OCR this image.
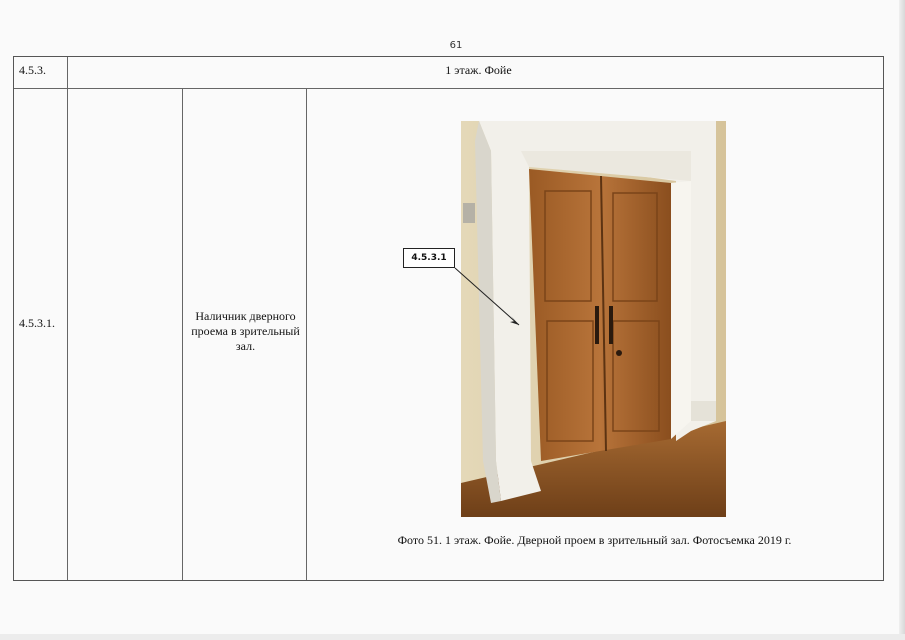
61
4.5.3.	1 этаж. Фойе
4.5.3.1.	Наличник дверного проема в зрительный зал.
4.5.3.1
Фото 51. 1 этаж. Фойе. Дверной проем в зрительный зал. Фотосъемка 2019 г.
